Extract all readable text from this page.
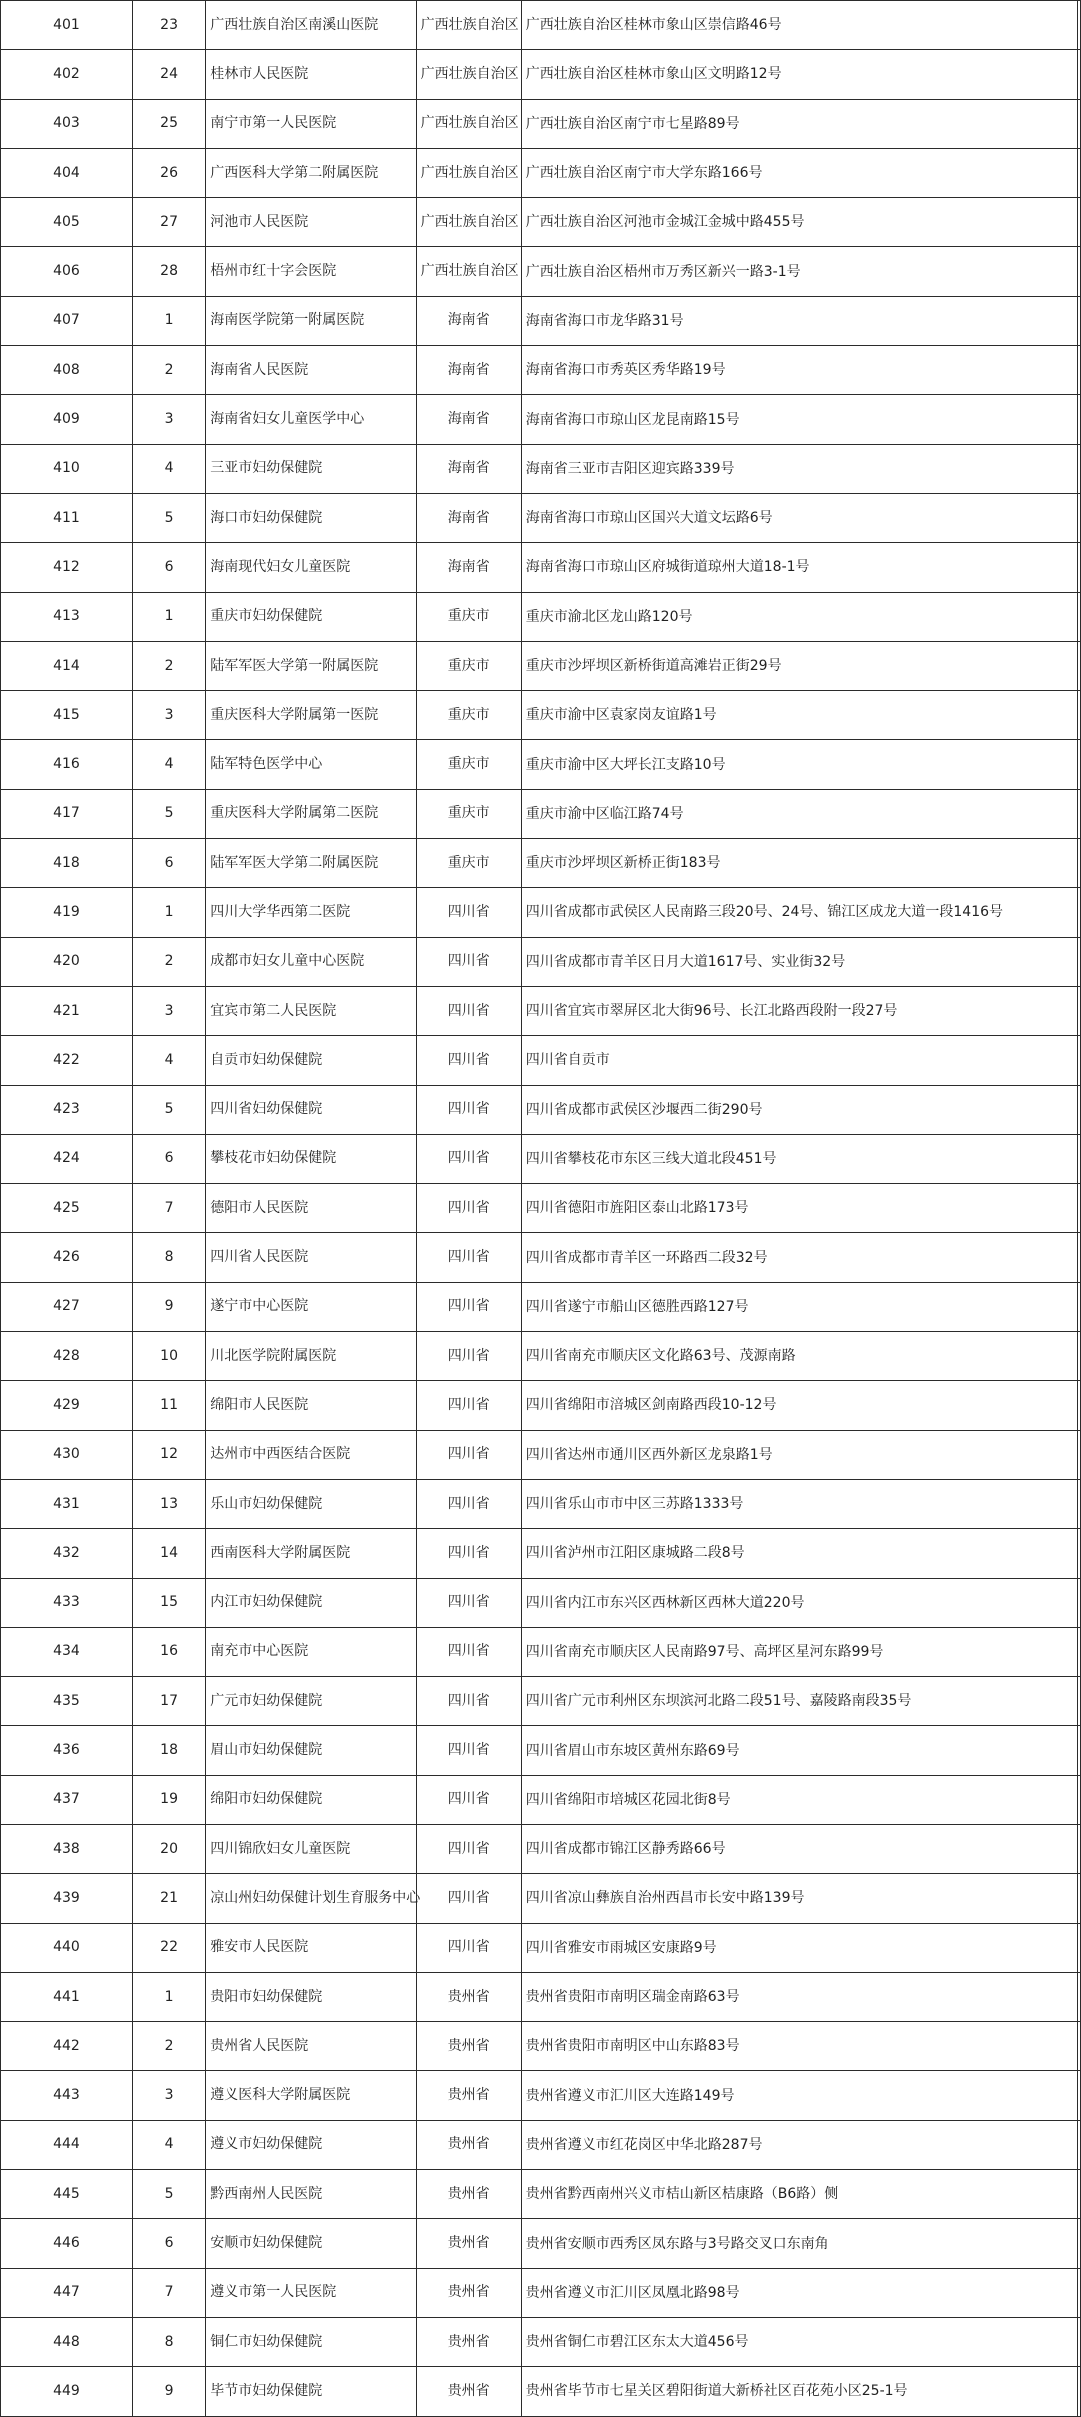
401	23	广西壮族自治区南溪山医院	广西壮族自治区	广西壮族自治区桂林市象山区崇信路46号

402	24	桂林市人民医院	广西壮族自治区	广西壮族自治区桂林市象山区文明路12号

403	25	南宁市第一人民医院	广西壮族自治区	广西壮族自治区南宁市七星路89号

404	26	广西医科大学第二附属医院	广西壮族自治区	广西壮族自治区南宁市大学东路166号

405	27	河池市人民医院	广西壮族自治区	广西壮族自治区河池市金城江金城中路455号

406	28	梧州市红十字会医院	广西壮族自治区	广西壮族自治区梧州市万秀区新兴一路3-1号

407	1	海南医学院第一附属医院	海南省	海南省海口市龙华路31号

408	2	海南省人民医院	海南省	海南省海口市秀英区秀华路19号

409	3	海南省妇女儿童医学中心	海南省	海南省海口市琼山区龙昆南路15号

410	4	三亚市妇幼保健院	海南省	海南省三亚市吉阳区迎宾路339号

411	5	海口市妇幼保健院	海南省	海南省海口市琼山区国兴大道文坛路6号

412	6	海南现代妇女儿童医院	海南省	海南省海口市琼山区府城街道琼州大道18-1号

413	1	重庆市妇幼保健院	重庆市	重庆市渝北区龙山路120号

414	2	陆军军医大学第一附属医院	重庆市	重庆市沙坪坝区新桥街道高滩岩正街29号

415	3	重庆医科大学附属第一医院	重庆市	重庆市渝中区袁家岗友谊路1号

416	4	陆军特色医学中心	重庆市	重庆市渝中区大坪长江支路10号

417	5	重庆医科大学附属第二医院	重庆市	重庆市渝中区临江路74号

418	6	陆军军医大学第二附属医院	重庆市	重庆市沙坪坝区新桥正街183号

419	1	四川大学华西第二医院	四川省	四川省成都市武侯区人民南路三段20号、24号、锦江区成龙大道一段1416号

420	2	成都市妇女儿童中心医院	四川省	四川省成都市青羊区日月大道1617号、实业街32号

421	3	宜宾市第二人民医院	四川省	四川省宜宾市翠屏区北大街96号、长江北路西段附一段27号

422	4	自贡市妇幼保健院	四川省	四川省自贡市

423	5	四川省妇幼保健院	四川省	四川省成都市武侯区沙堰西二街290号

424	6	攀枝花市妇幼保健院	四川省	四川省攀枝花市东区三线大道北段451号

425	7	德阳市人民医院	四川省	四川省德阳市旌阳区泰山北路173号

426	8	四川省人民医院	四川省	四川省成都市青羊区一环路西二段32号

427	9	遂宁市中心医院	四川省	四川省遂宁市船山区德胜西路127号

428	10	川北医学院附属医院	四川省	四川省南充市顺庆区文化路63号、茂源南路

429	11	绵阳市人民医院	四川省	四川省绵阳市涪城区剑南路西段10-12号

430	12	达州市中西医结合医院	四川省	四川省达州市通川区西外新区龙泉路1号

431	13	乐山市妇幼保健院	四川省	四川省乐山市市中区三苏路1333号

432	14	西南医科大学附属医院	四川省	四川省泸州市江阳区康城路二段8号

433	15	内江市妇幼保健院	四川省	四川省内江市东兴区西林新区西林大道220号

434	16	南充市中心医院	四川省	四川省南充市顺庆区人民南路97号、高坪区星河东路99号

435	17	广元市妇幼保健院	四川省	四川省广元市利州区东坝滨河北路二段51号、嘉陵路南段35号

436	18	眉山市妇幼保健院	四川省	四川省眉山市东坡区黄州东路69号

437	19	绵阳市妇幼保健院	四川省	四川省绵阳市培城区花园北街8号

438	20	四川锦欣妇女儿童医院	四川省	四川省成都市锦江区静秀路66号

439	21	凉山州妇幼保健计划生育服务中心	四川省	四川省凉山彝族自治州西昌市长安中路139号

440	22	雅安市人民医院	四川省	四川省雅安市雨城区安康路9号

441	1	贵阳市妇幼保健院	贵州省	贵州省贵阳市南明区瑞金南路63号

442	2	贵州省人民医院	贵州省	贵州省贵阳市南明区中山东路83号

443	3	遵义医科大学附属医院	贵州省	贵州省遵义市汇川区大连路149号

444	4	遵义市妇幼保健院	贵州省	贵州省遵义市红花岗区中华北路287号

445	5	黔西南州人民医院	贵州省	贵州省黔西南州兴义市桔山新区桔康路（B6路）侧

446	6	安顺市妇幼保健院	贵州省	贵州省安顺市西秀区凤东路与3号路交叉口东南角

447	7	遵义市第一人民医院	贵州省	贵州省遵义市汇川区凤凰北路98号

448	8	铜仁市妇幼保健院	贵州省	贵州省铜仁市碧江区东太大道456号

449	9	毕节市妇幼保健院	贵州省	贵州省毕节市七星关区碧阳街道大新桥社区百花苑小区25-1号
